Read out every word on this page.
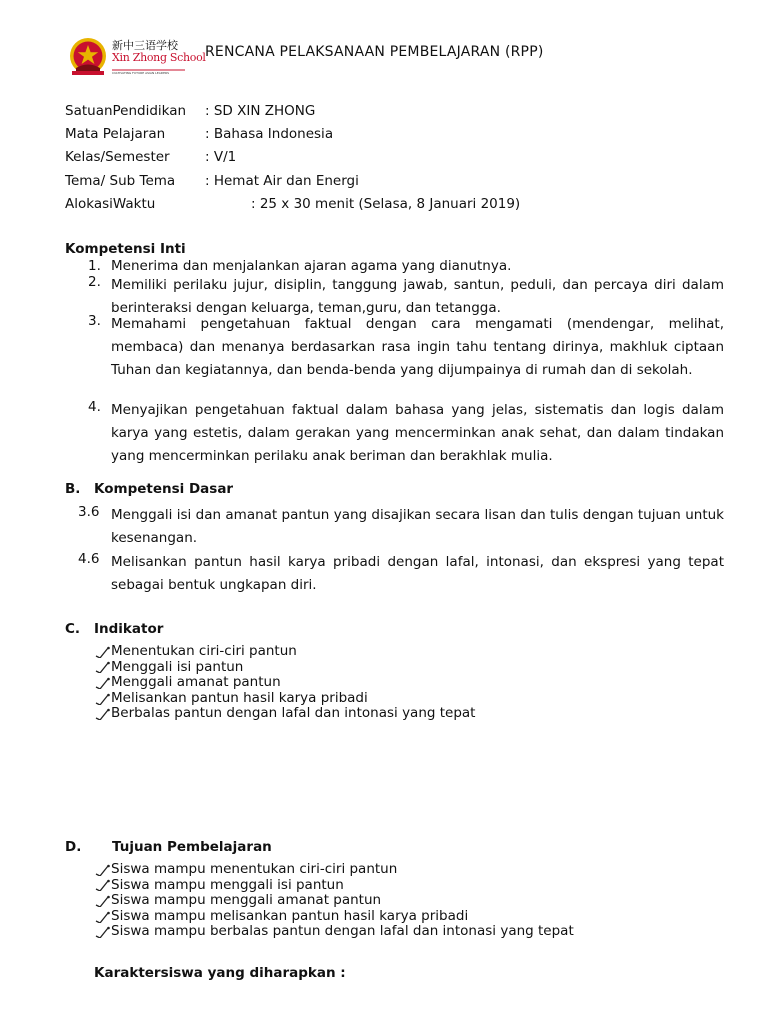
新中三语学校
Xin Zhong School
CULTIVATING FUTURE ASIAN LEADERS
RENCANA PELAKSANAAN PEMBELAJARAN (RPP)
SatuanPendidikan : SD XIN ZHONG
Mata Pelajaran	: Bahasa Indonesia
Kelas/Semester	: V/1
Tema/ Sub Tema : Hemat Air dan Energi
AlokasiWaktu	: 25 x 30 menit (Selasa, 8 Januari 2019)
Kompetensi Inti
1. Menerima dan menjalankan ajaran agama yang dianutnya.
2. Memiliki perilaku jujur, disiplin, tanggung jawab, santun, peduli, dan percaya diri dalam berinteraksi dengan keluarga, teman,guru, dan tetangga.
3. Memahami pengetahuan faktual dengan cara mengamati (mendengar, melihat, membaca) dan menanya berdasarkan rasa ingin tahu tentang dirinya, makhluk ciptaan Tuhan dan kegiatannya, dan benda-benda yang dijumpainya di rumah dan di sekolah.
4. Menyajikan pengetahuan faktual dalam bahasa yang jelas, sistematis dan logis dalam karya yang estetis, dalam gerakan yang mencerminkan anak sehat, dan dalam tindakan yang mencerminkan perilaku anak beriman dan berakhlak mulia.
B. Kompetensi Dasar
3.6 Menggali isi dan amanat pantun yang disajikan secara lisan dan tulis dengan tujuan untuk kesenangan.
4.6 Melisankan pantun hasil karya pribadi dengan lafal, intonasi, dan ekspresi yang tepat sebagai bentuk ungkapan diri.
C. Indikator
Menentukan ciri-ciri pantun
Menggali isi pantun
Menggali amanat pantun
Melisankan pantun hasil karya pribadi
Berbalas pantun dengan lafal dan intonasi yang tepat
D. Tujuan Pembelajaran
Siswa mampu menentukan ciri-ciri pantun
Siswa mampu menggali isi pantun
Siswa mampu menggali amanat pantun
Siswa mampu melisankan pantun hasil karya pribadi
Siswa mampu berbalas pantun dengan lafal dan intonasi yang tepat
Karaktersiswa yang diharapkan :
